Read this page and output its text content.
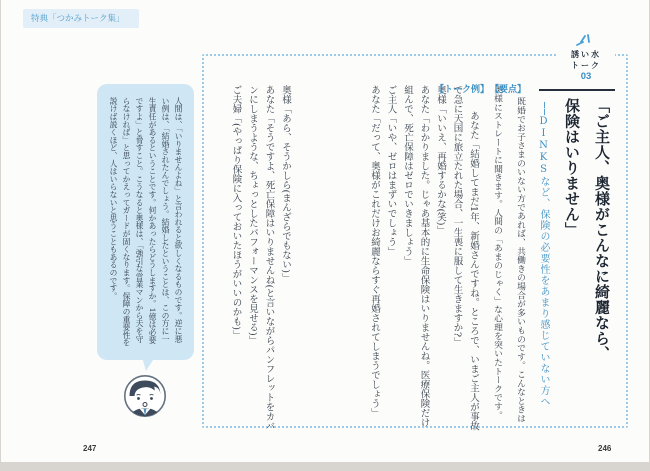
特典「つかみトーク集」

誘い水

トーク

03

「ご主人、奥様がこんなに綺麗なら、保険はいりません」
──DINKSなど、保険の必要性をあまり感じていない方へ
【要点】
既婚でお子さまのいない方であれば、共働きの場合が多いものです。こんなときは奥様にストレートに聞きます。人間の「あまのじゃく」な心理を突いたトークです。
【トーク例】

あなた「結婚してまだ1年、新婚さんですね。ところで、いまご主人が事故で急に天国に旅立たれた場合、一生喪に服して生きますか?」

奥様「いいえ、再婚するかな(笑)」

あなた「わかりました。じゃあ基本的に生命保険はいりませんね。医療保険だけ組んで、死亡保障はゼロでいきましょう」

ご主人「いや、ゼロはまずいでしょう」

あなた「だって、奥様がこれだけお綺麗ならすぐ再婚されてしまうでしょう」

奥様「あら、そうかしら(まんざらでもない)」

あなた「そうですよ、死亡保障はいりませんね(と言いながらパンフレットをカバンにしまうような、ちょっとしたパフォーマンスを見せる)」

ご夫婦「(やっぱり保険に入っておいたほうがいいのかも)」

人間は、「いりませんよね」と言われると欲しくなるものです。逆に悪い例は、「結婚されたんでしょう。結婚したということは、この方に一生責任があるということです。何かあったらどうしますか。1億は必要ですよ」と脅すこと。こうなると奥様は、「強引な営業マンから夫を守らなければ」と思ってかえってガードが固くなります。保障の重要性を説けば説くほど、人はいらないと思うこともあるのです。
247	246
